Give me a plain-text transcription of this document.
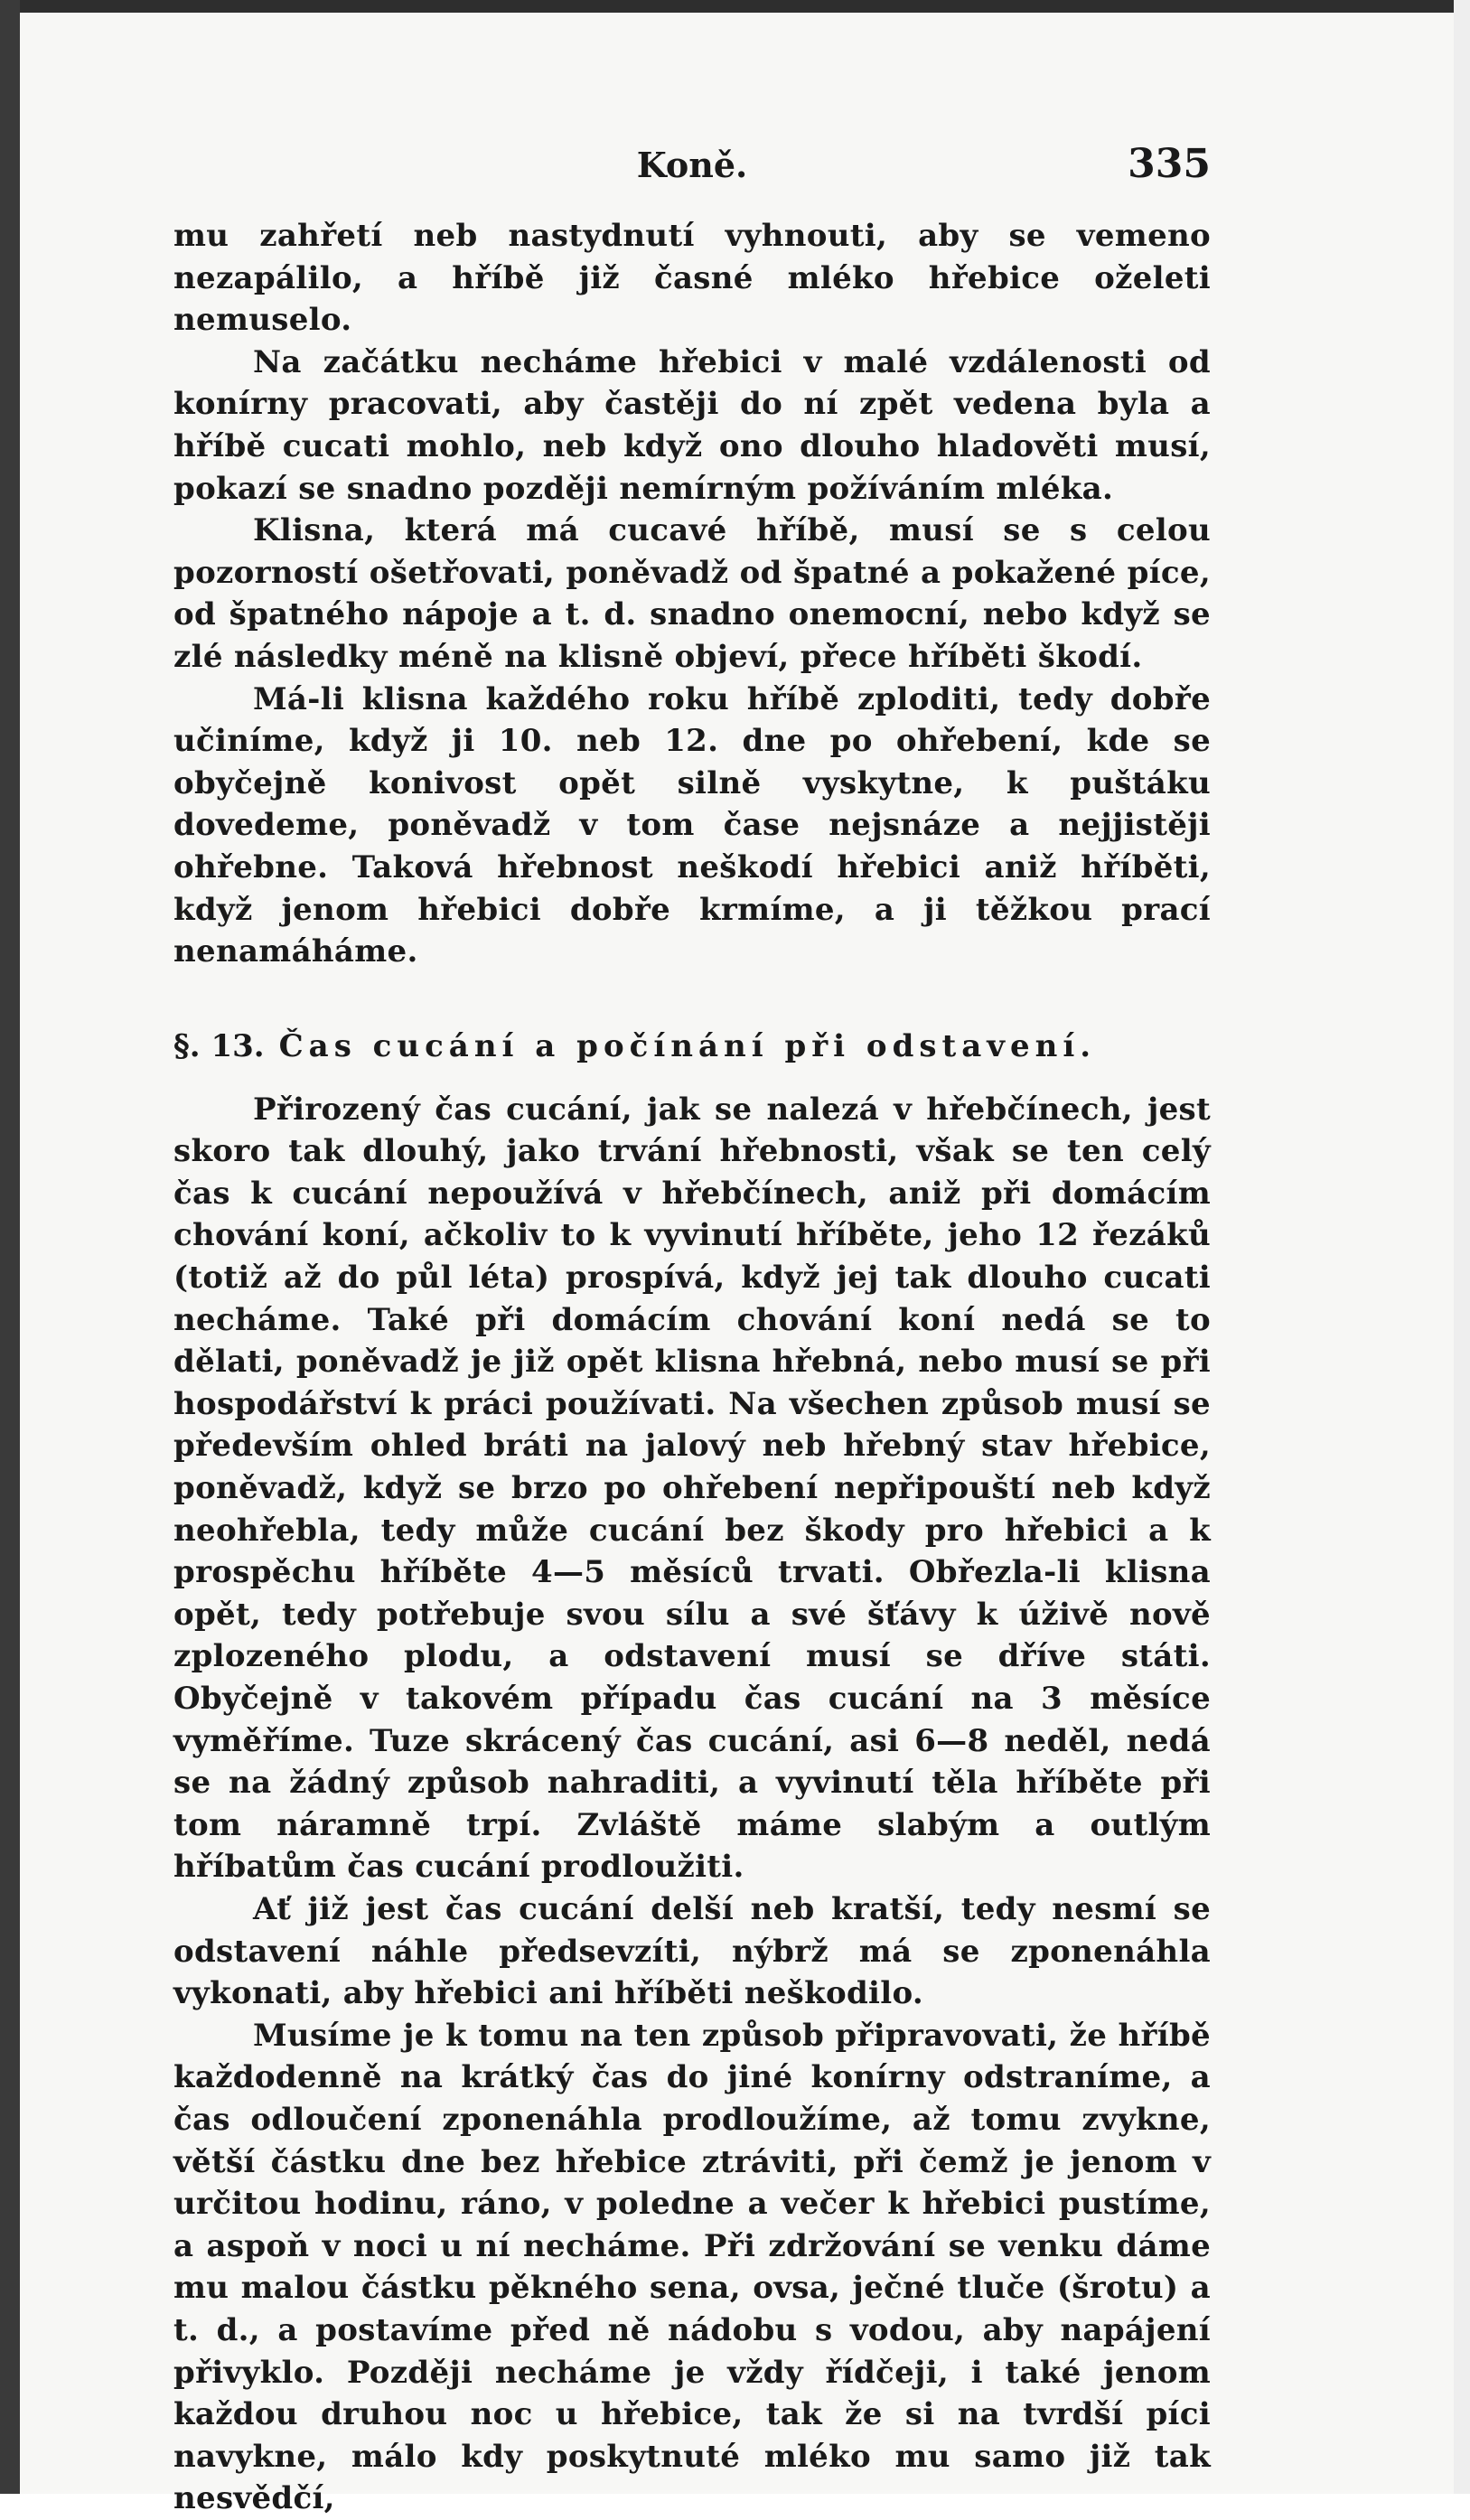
Koně.	335

mu zahřetí neb nastydnutí vyhnouti, aby se vemeno nezapálilo, a hříbě již časné mléko hřebice oželeti nemuselo.

Na začátku necháme hřebici v malé vzdálenosti od konírny pracovati, aby častěji do ní zpět vedena byla a hříbě cucati mohlo, neb když ono dlouho hladověti musí, pokazí se snadno později nemírným požíváním mléka.

Klisna, která má cucavé hříbě, musí se s celou pozorností ošetřovati, poněvadž od špatné a pokažené píce, od špatného nápoje a t. d. snadno onemocní, nebo když se zlé následky méně na klisně objeví, přece hříběti škodí.

Má-li klisna každého roku hříbě zploditi, tedy dobře učiníme, když ji 10. neb 12. dne po ohřebení, kde se obyčejně konivost opět silně vyskytne, k puštáku dovedeme, poněvadž v tom čase nejsnáze a nejjistěji ohřebne. Taková hřebnost neškodí hřebici aniž hříběti, když jenom hřebici dobře krmíme, a ji těžkou prací nenamáháme.

§. 13. Čas cucání a počínání při odstavení.

Přirozený čas cucání, jak se nalezá v hřebčínech, jest skoro tak dlouhý, jako trvání hřebnosti, však se ten celý čas k cucání nepoužívá v hřebčínech, aniž při domácím chování koní, ačkoliv to k vyvinutí hříběte, jeho 12 řezáků (totiž až do půl léta) prospívá, když jej tak dlouho cucati necháme. Také při domácím chování koní nedá se to dělati, poněvadž je již opět klisna hřebná, nebo musí se při hospodářství k práci používati. Na všechen způsob musí se především ohled bráti na jalový neb hřebný stav hřebice, poněvadž, když se brzo po ohřebení nepřipouští neb když neohřebla, tedy může cucání bez škody pro hřebici a k prospěchu hříběte 4—5 měsíců trvati. Obřezla-li klisna opět, tedy potřebuje svou sílu a své šťávy k úživě nově zplozeného plodu, a odstavení musí se dříve státi. Obyčejně v takovém případu čas cucání na 3 měsíce vyměříme. Tuze skrácený čas cucání, asi 6—8 neděl, nedá se na žádný způsob nahraditi, a vyvinutí těla hříběte při tom náramně trpí. Zvláště máme slabým a outlým hříbatům čas cucání prodloužiti.

Ať již jest čas cucání delší neb kratší, tedy nesmí se odstavení náhle předsevzíti, nýbrž má se zponenáhla vykonati, aby hřebici ani hříběti neškodilo.

Musíme je k tomu na ten způsob připravovati, že hříbě každodenně na krátký čas do jiné konírny odstraníme, a čas odloučení zponenáhla prodloužíme, až tomu zvykne, větší částku dne bez hřebice ztráviti, při čemž je jenom v určitou hodinu, ráno, v poledne a večer k hřebici pustíme, a aspoň v noci u ní necháme. Při zdržování se venku dáme mu malou částku pěkného sena, ovsa, ječné tluče (šrotu) a t. d., a postavíme před ně nádobu s vodou, aby napájení přivyklo. Později necháme je vždy řídčeji, i také jenom každou druhou noc u hřebice, tak že si na tvrdší píci navykne, málo kdy poskytnuté mléko mu samo již tak nesvědčí,
